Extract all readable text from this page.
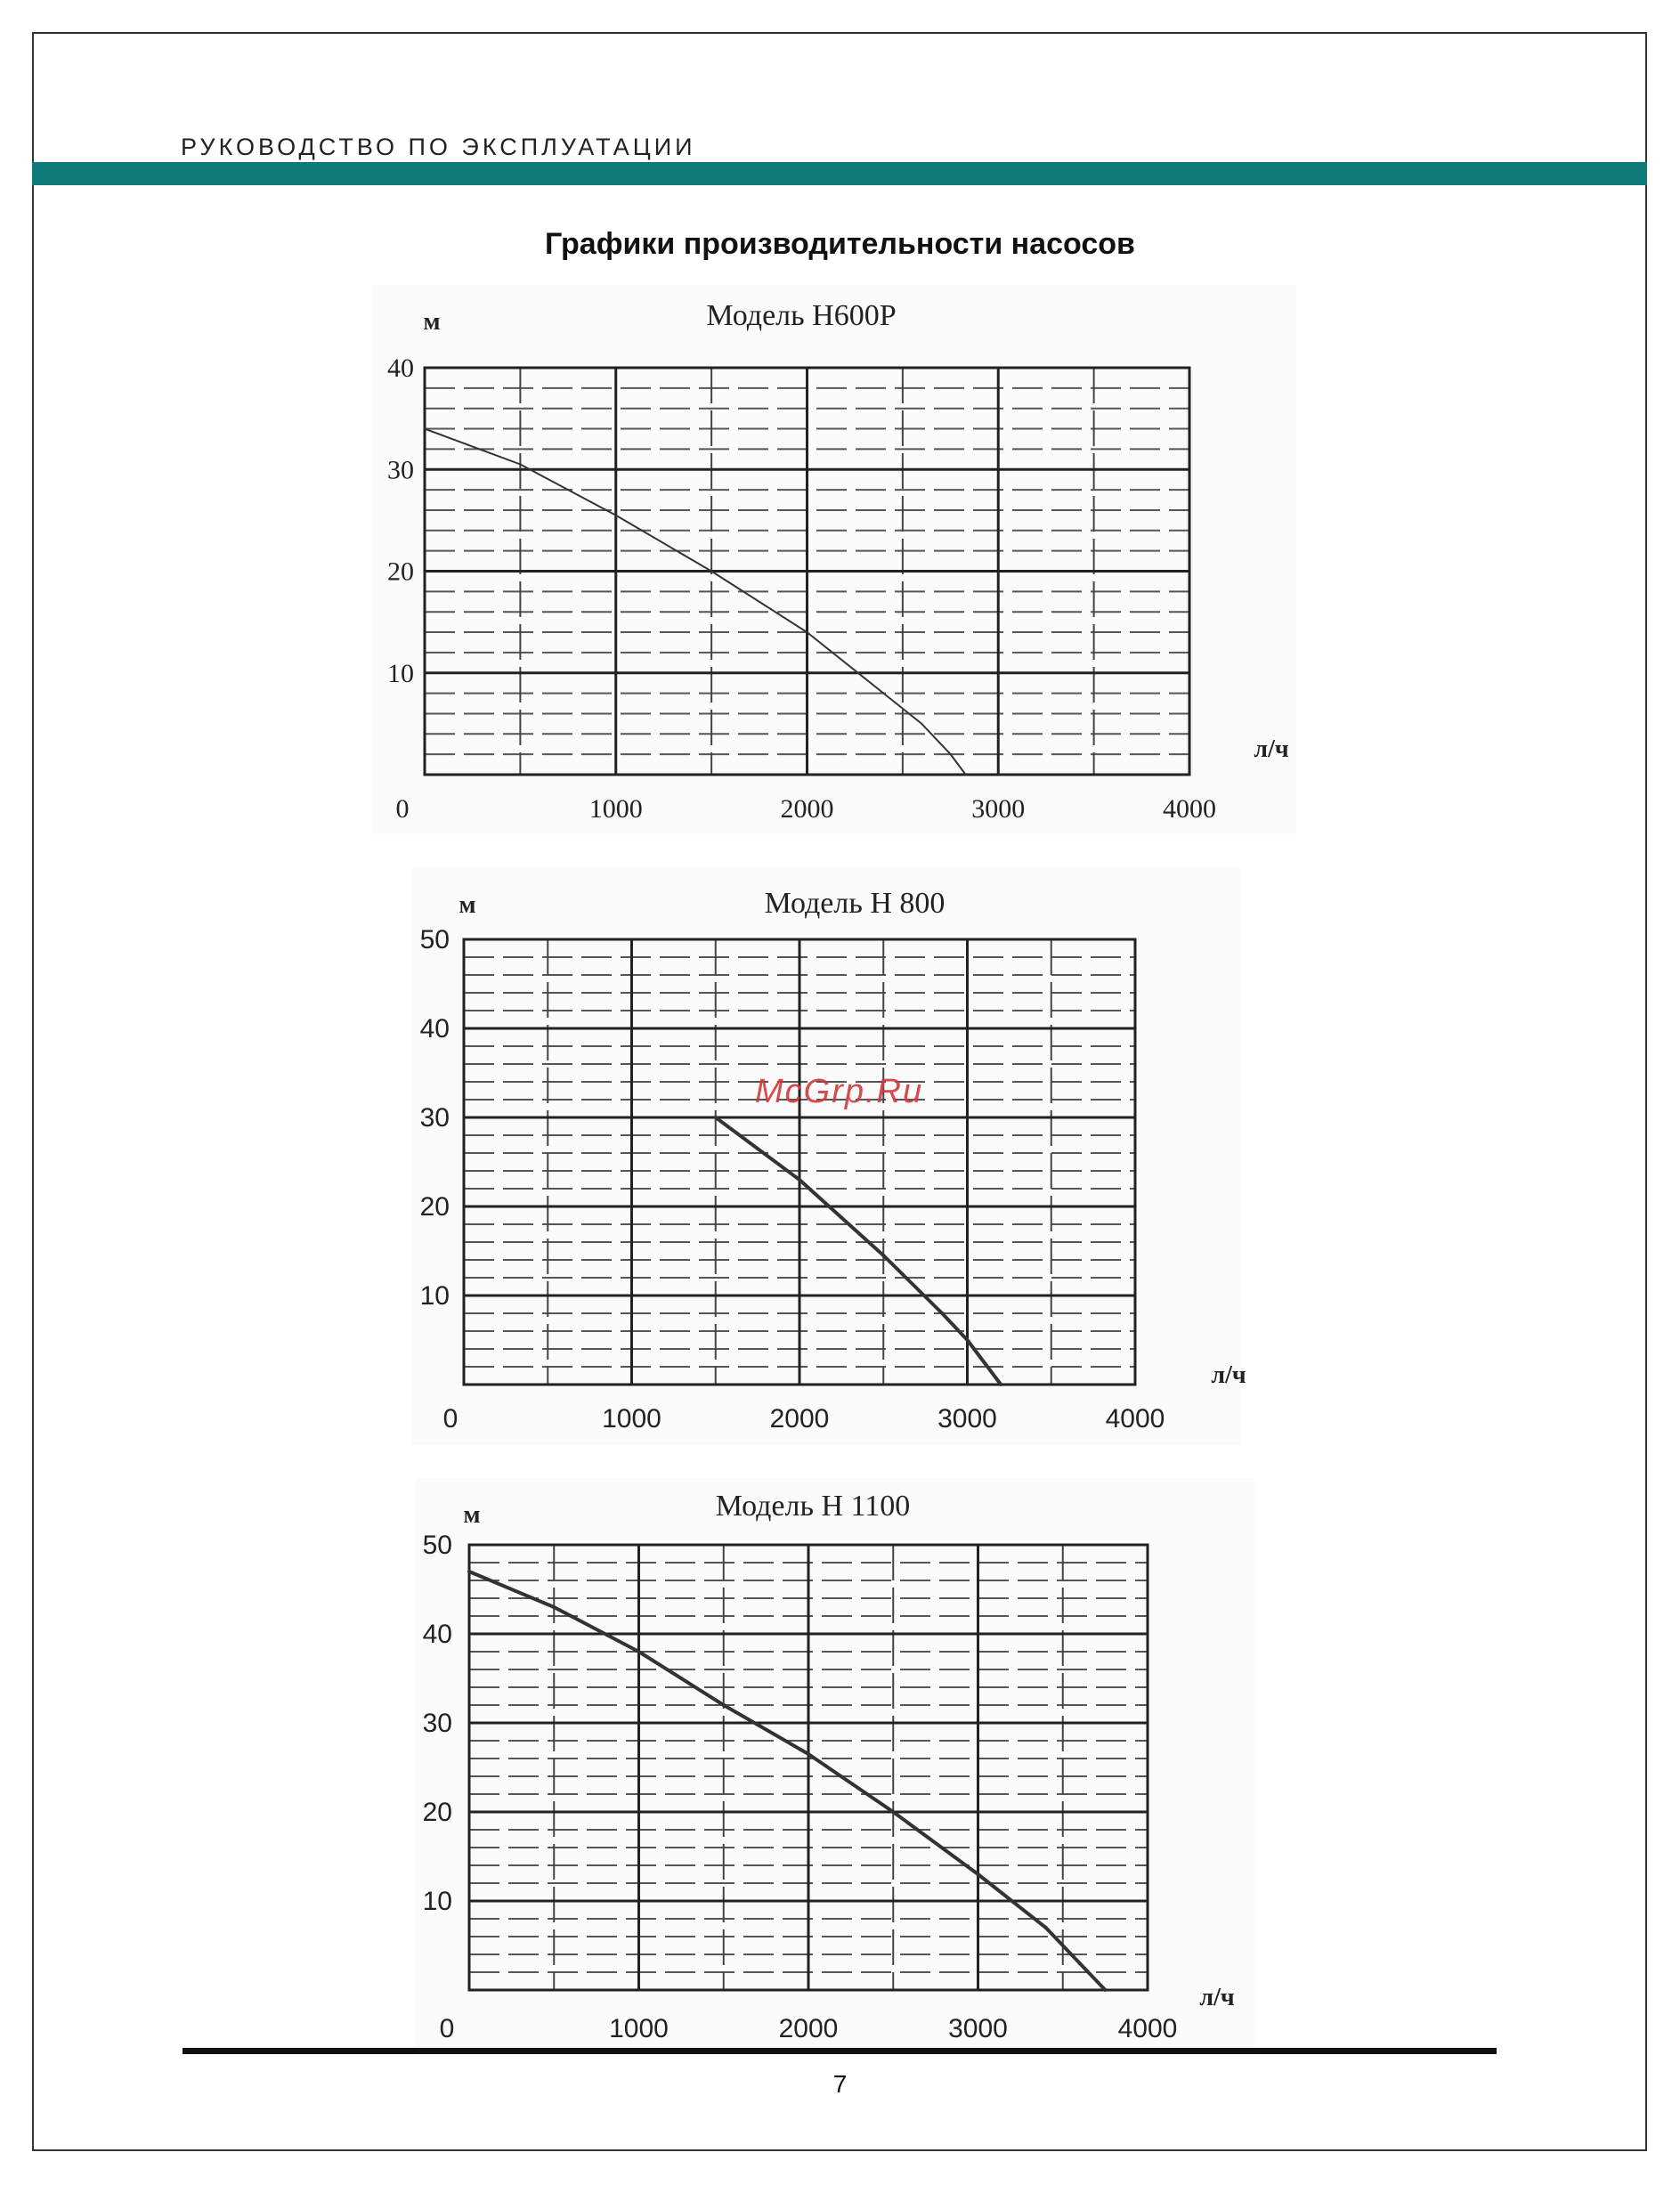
РУКОВОДСТВО ПО ЭКСПЛУАТАЦИИ
Графики производительности насосов
Модель H600P
м
л/ч
10
20
30
40
0	1000	2000	3000	4000
Модель H 800
м
л/ч
10
20
30
40
50
0	1000	2000	3000	4000
Модель H 1100
м
л/ч
10
20
30
40
50
0	1000	2000	3000	4000
McGrp.Ru
7
